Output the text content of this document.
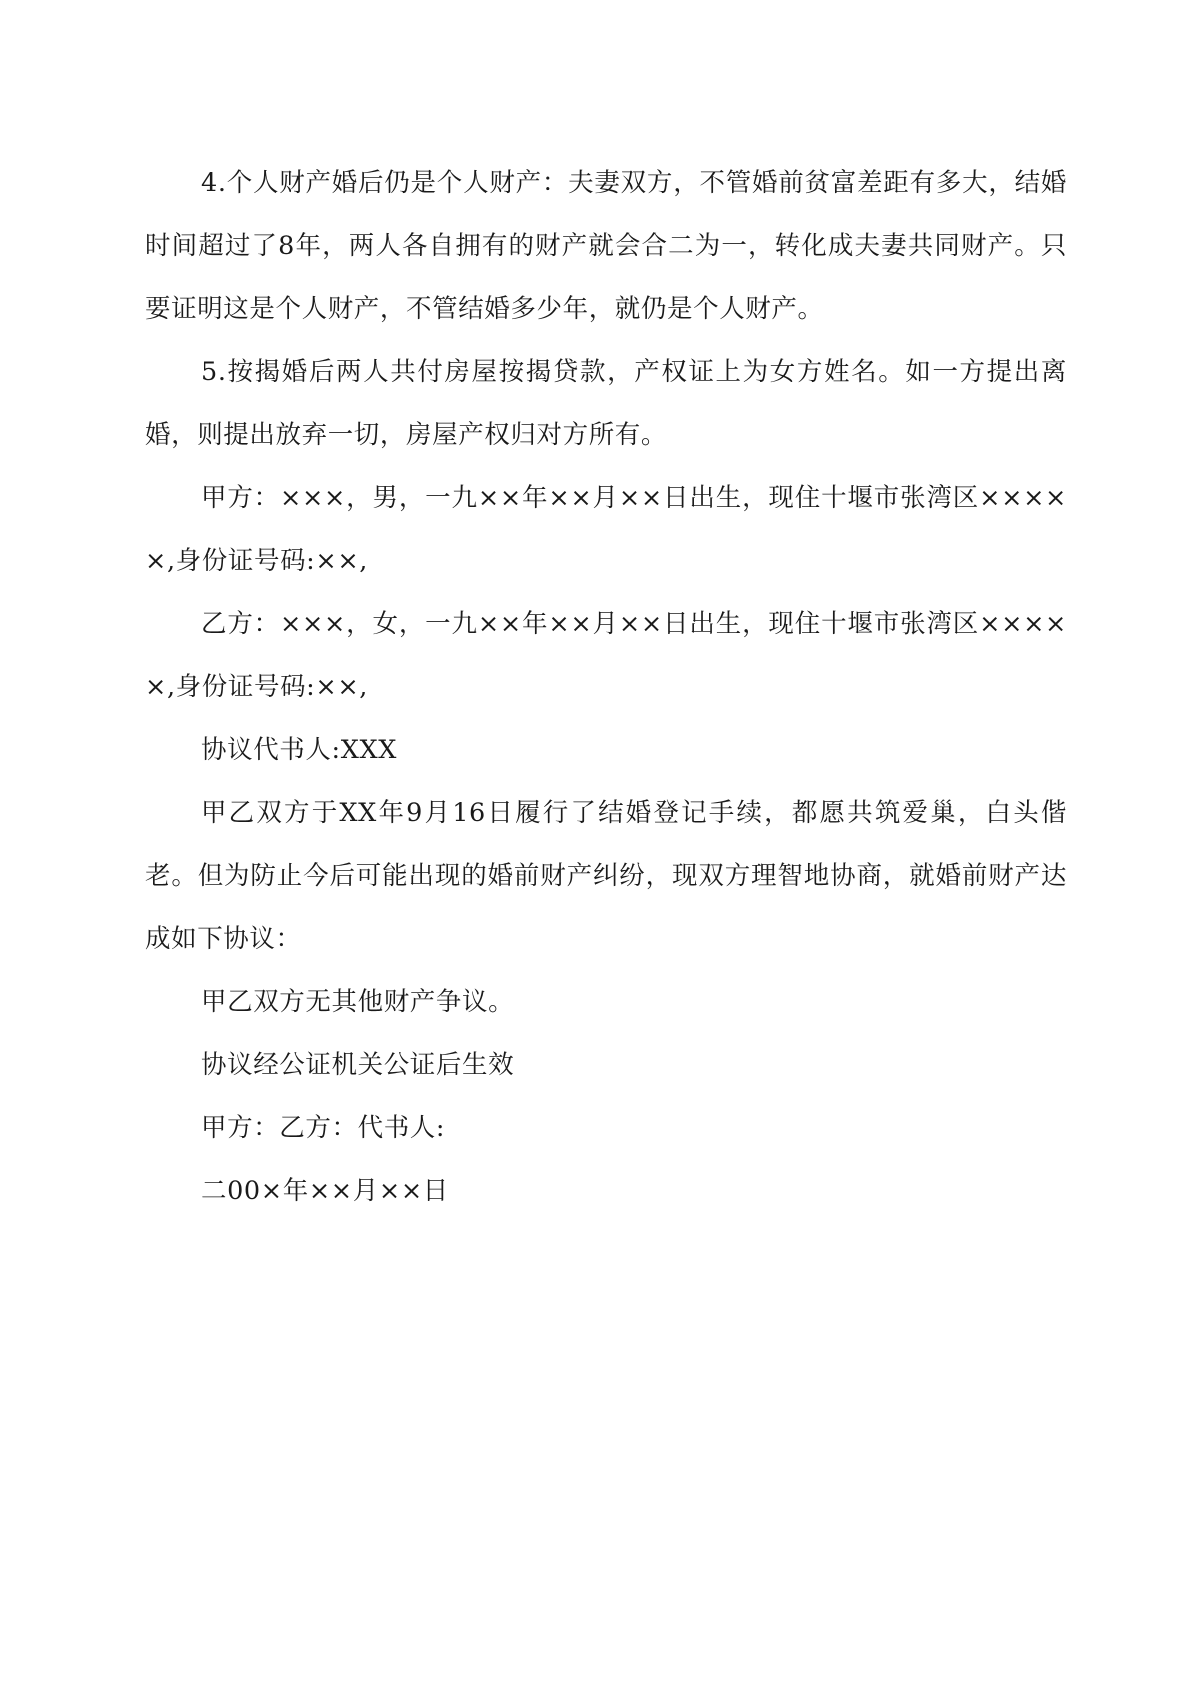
4.个人财产婚后仍是个人财产：夫妻双方，不管婚前贫富差距有多大，结婚时间超过了8年，两人各自拥有的财产就会合二为一，转化成夫妻共同财产。只要证明这是个人财产，不管结婚多少年，就仍是个人财产。

5.按揭婚后两人共付房屋按揭贷款，产权证上为女方姓名。如一方提出离婚，则提出放弃一切，房屋产权归对方所有。

甲方：×××，男，一九××年××月××日出生，现住十堰市张湾区×××××,身份证号码:××,

乙方：×××，女，一九××年××月××日出生，现住十堰市张湾区×××××,身份证号码:××,

协议代书人:XXX

甲乙双方于XX年9月16日履行了结婚登记手续，都愿共筑爱巢，白头偕老。但为防止今后可能出现的婚前财产纠纷，现双方理智地协商，就婚前财产达成如下协议：

甲乙双方无其他财产争议。

协议经公证机关公证后生效

甲方：乙方：代书人:

二00×年××月××日
